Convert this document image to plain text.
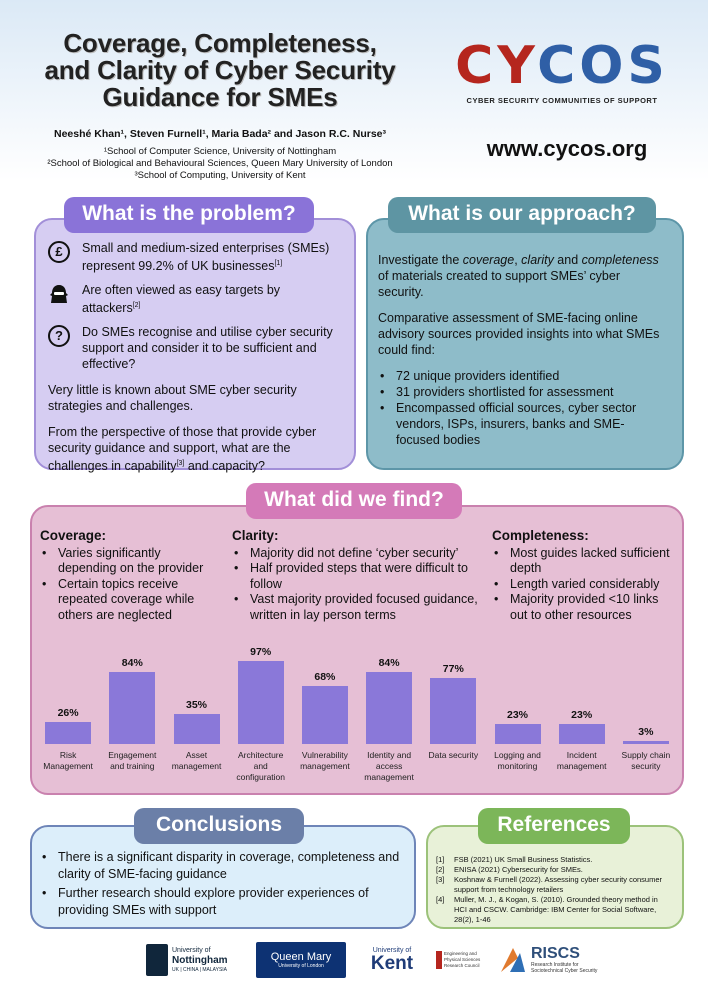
Coverage, Completeness,
and Clarity of Cyber Security
Guidance for SMEs
Neeshé Khan¹, Steven Furnell¹, Maria Bada² and Jason R.C. Nurse³
¹School of Computer Science, University of Nottingham
²School of Biological and Behavioural Sciences, Queen Mary University of London
³School of Computing, University of Kent
CYCOS
CYBER SECURITY COMMUNITIES OF SUPPORT
www.cycos.org
£	Small and medium-sized enterprises (SMEs) represent 99.2% of UK businesses[1]
Are often viewed as easy targets by attackers[2]
?	Do SMEs recognise and utilise cyber security support and consider it to be sufficient and effective?
Very little is known about SME cyber security strategies and challenges.
From the perspective of those that provide cyber security guidance and support, what are the challenges in capability[3] and capacity?
What is the problem?
Investigate the coverage, clarity and completeness of materials created to support SMEs’ cyber security.
Comparative assessment of SME-facing online advisory sources provided insights into what SMEs could find:
• 72 unique providers identified
• 31 providers shortlisted for assessment
• Encompassed official sources, cyber sector vendors, ISPs, insurers, banks and SME-focused bodies
What is our approach?
What did we find?
Coverage:
• Varies significantly depending on the provider
• Certain topics receive repeated coverage while others are neglected
Clarity:
• Majority did not define ‘cyber security’
• Half provided steps that were difficult to follow
• Vast majority provided focused guidance, written in lay person terms
Completeness:
• Most guides lacked sufficient depth
• Length varied considerably
• Majority provided <10 links out to other resources
26%
Risk
Management
84%
Engagement
and training
35%
Asset
management
97%
Architecture
and
configuration
68%
Vulnerability
management
84%
Identity and
access
management
77%
Data security
23%
Logging and
monitoring
23%
Incident
management
3%
Supply chain
security
• There is a significant disparity in coverage, completeness and clarity of SME-facing guidance
• Further research should explore provider experiences of providing SMEs with support
Conclusions
[1]	FSB (2021) UK Small Business Statistics.
[2]	ENISA (2021) Cybersecurity for SMEs.
[3]	Koshnaw & Furnell (2022). Assessing cyber security consumer support from technology retailers
[4]	Muller, M. J., & Kogan, S. (2010). Grounded theory method in HCI and CSCW. Cambridge: IBM Center for Social Software, 28(2), 1-46
References
University of
Nottingham
UK | CHINA | MALAYSIA
Queen Mary
University of London
University of
Kent	Engineering and
Physical Sciences
Research Council
RISCS
Research Institute for
Sociotechnical Cyber Security
